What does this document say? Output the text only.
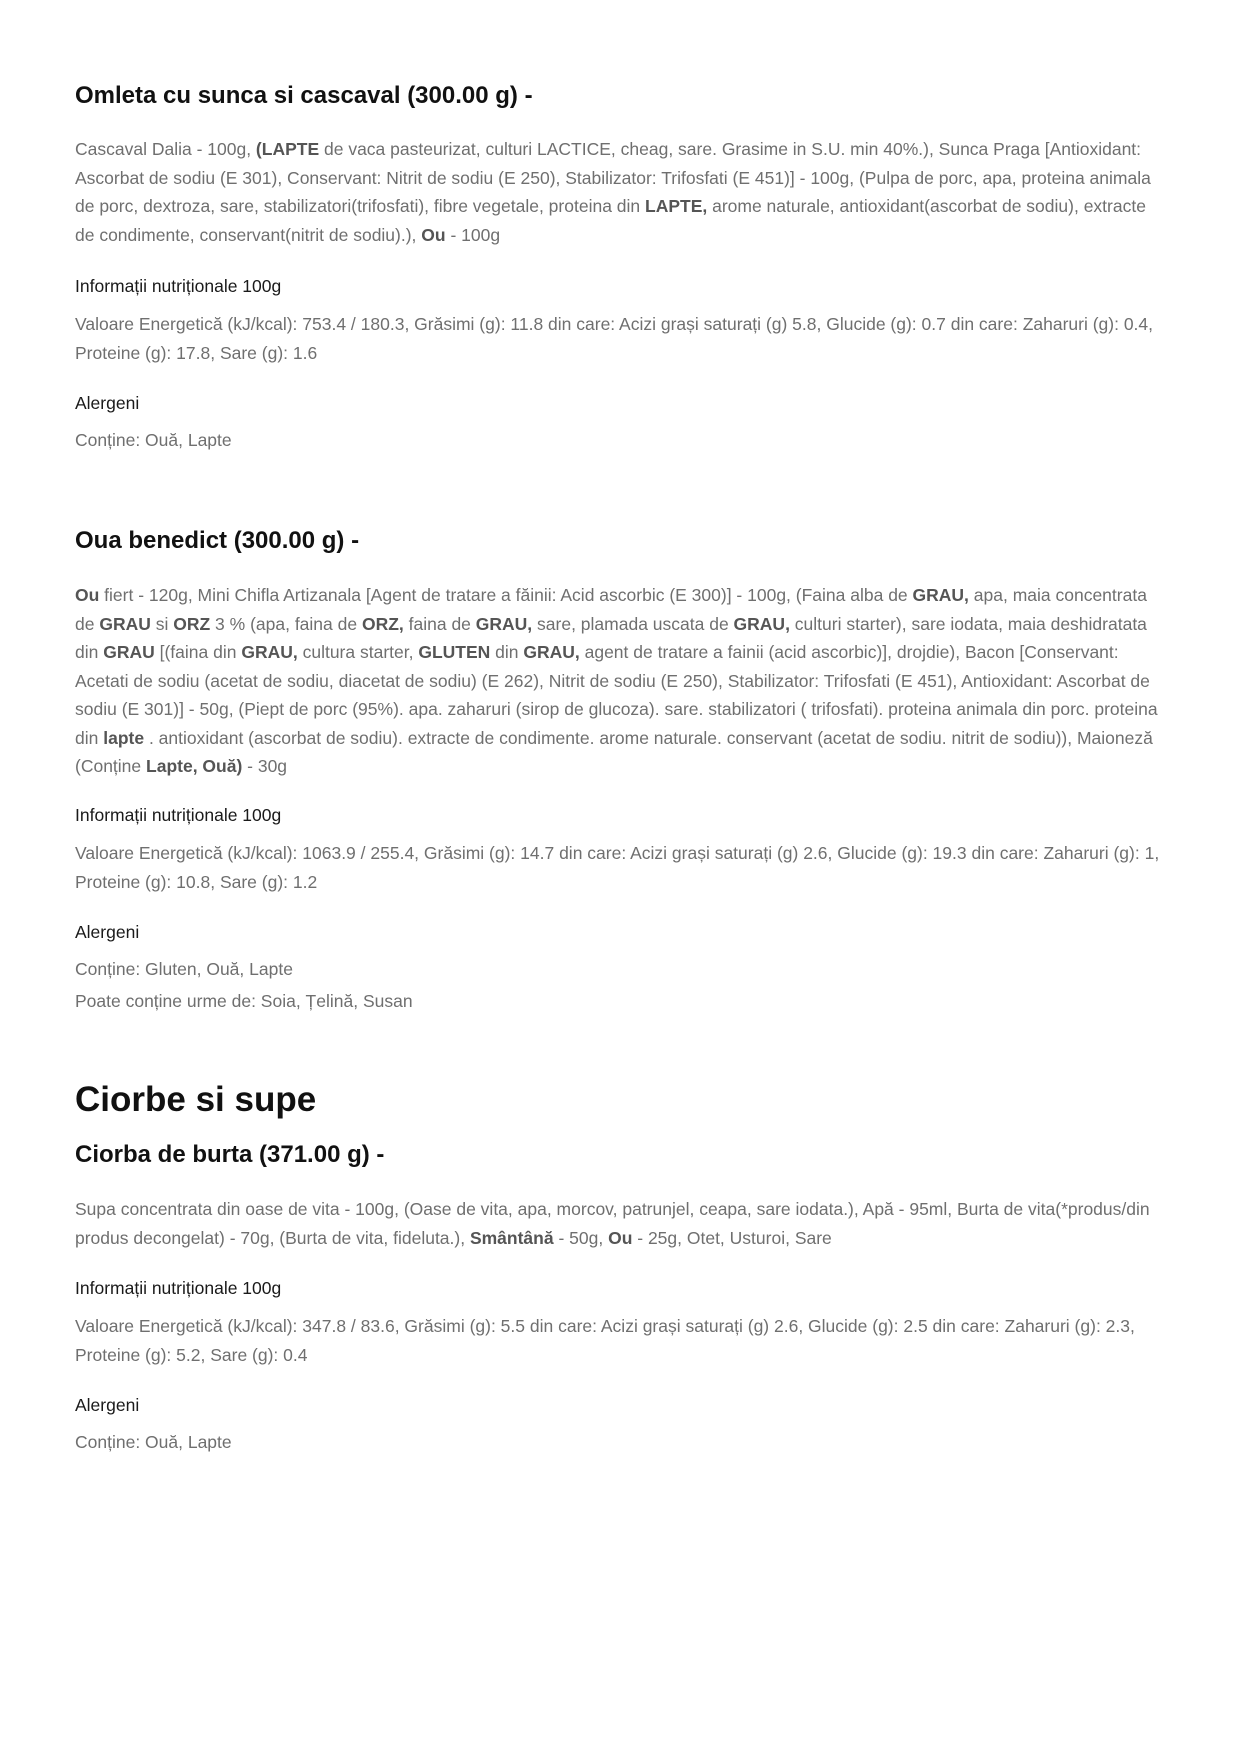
Omleta cu sunca si cascaval (300.00 g) -

Cascaval Dalia - 100g, (LAPTE de vaca pasteurizat, culturi LACTICE, cheag, sare. Grasime in S.U. min 40%.), Sunca Praga [Antioxidant: Ascorbat de sodiu (E 301), Conservant: Nitrit de sodiu (E 250), Stabilizator: Trifosfati (E 451)] - 100g, (Pulpa de porc, apa, proteina animala de porc, dextroza, sare, stabilizatori(trifosfati), fibre vegetale, proteina din LAPTE, arome naturale, antioxidant(ascorbat de sodiu), extracte de condimente, conservant(nitrit de sodiu).), Ou - 100g

Informații nutriționale 100g

Valoare Energetică (kJ/kcal): 753.4 / 180.3, Grăsimi (g): 11.8 din care: Acizi grași saturați (g) 5.8, Glucide (g): 0.7 din care: Zaharuri (g): 0.4, Proteine (g): 17.8, Sare (g): 1.6

Alergeni

Conține: Ouă, Lapte

Oua benedict (300.00 g) -

Ou fiert - 120g, Mini Chifla Artizanala [Agent de tratare a făinii: Acid ascorbic (E 300)] - 100g, (Faina alba de GRAU, apa, maia concentrata de GRAU si ORZ 3 % (apa, faina de ORZ, faina de GRAU, sare, plamada uscata de GRAU, culturi starter), sare iodata, maia deshidratata din GRAU [(faina din GRAU, cultura starter, GLUTEN din GRAU, agent de tratare a fainii (acid ascorbic)], drojdie), Bacon [Conservant: Acetati de sodiu (acetat de sodiu, diacetat de sodiu) (E 262), Nitrit de sodiu (E 250), Stabilizator: Trifosfati (E 451), Antioxidant: Ascorbat de sodiu (E 301)] - 50g, (Piept de porc (95%). apa. zaharuri (sirop de glucoza). sare. stabilizatori ( trifosfati). proteina animala din porc. proteina din lapte . antioxidant (ascorbat de sodiu). extracte de condimente. arome naturale. conservant (acetat de sodiu. nitrit de sodiu)), Maioneză (Conține Lapte, Ouă) - 30g

Informații nutriționale 100g

Valoare Energetică (kJ/kcal): 1063.9 / 255.4, Grăsimi (g): 14.7 din care: Acizi grași saturați (g) 2.6, Glucide (g): 19.3 din care: Zaharuri (g): 1, Proteine (g): 10.8, Sare (g): 1.2

Alergeni

Conține: Gluten, Ouă, Lapte

Poate conține urme de: Soia, Țelină, Susan

Ciorbe si supe
Ciorba de burta (371.00 g) -

Supa concentrata din oase de vita - 100g, (Oase de vita, apa, morcov, patrunjel, ceapa, sare iodata.), Apă - 95ml, Burta de vita(*produs/din produs decongelat) - 70g, (Burta de vita, fideluta.), Smântână - 50g, Ou - 25g, Otet, Usturoi, Sare

Informații nutriționale 100g

Valoare Energetică (kJ/kcal): 347.8 / 83.6, Grăsimi (g): 5.5 din care: Acizi grași saturați (g) 2.6, Glucide (g): 2.5 din care: Zaharuri (g): 2.3, Proteine (g): 5.2, Sare (g): 0.4

Alergeni

Conține: Ouă, Lapte
